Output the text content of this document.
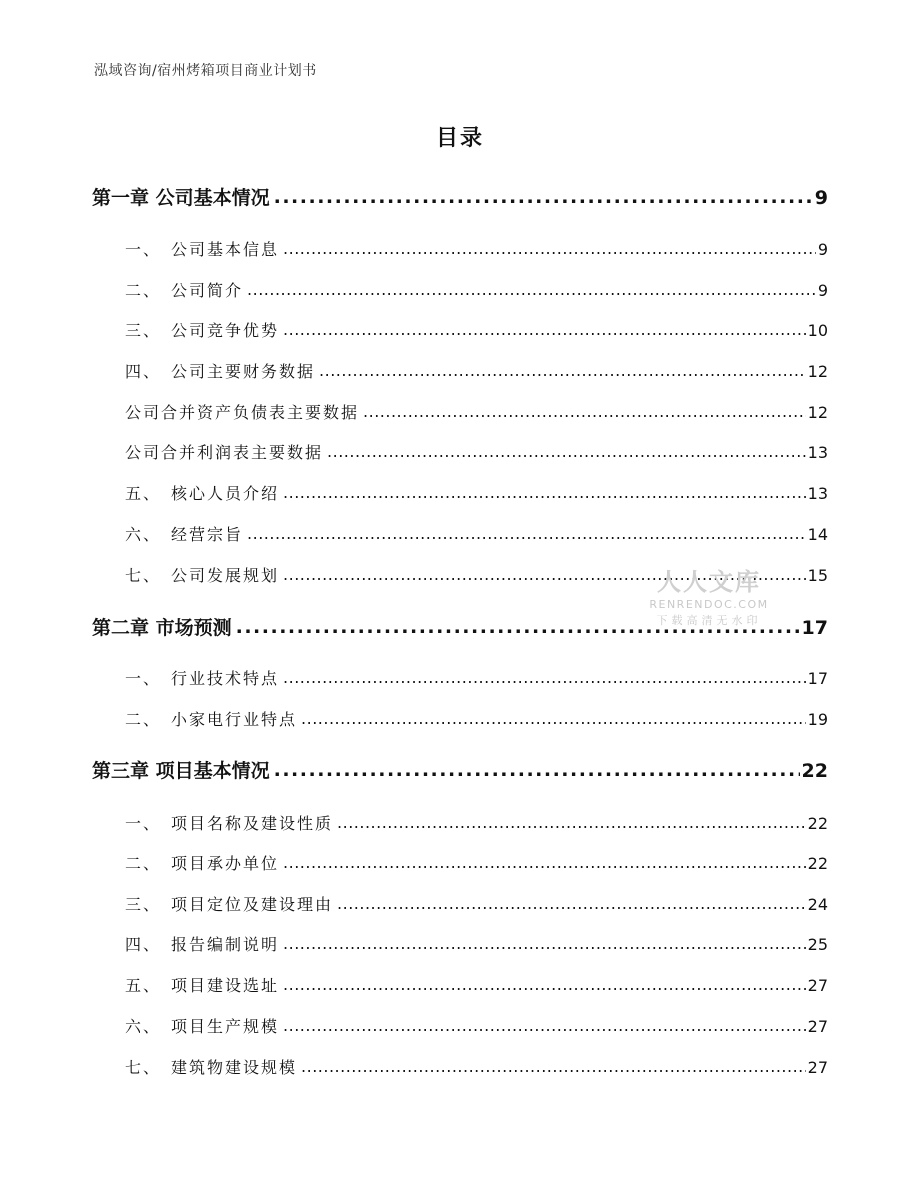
泓域咨询/宿州烤箱项目商业计划书
目录
第一章 公司基本情况 .....	9
一、 公司基本信息 .....	9
二、 公司简介 .....	9
三、 公司竞争优势 .....	10
四、 公司主要财务数据 .....	12
公司合并资产负债表主要数据 .....	12
公司合并利润表主要数据 .....	13
五、 核心人员介绍 .....	13
六、 经营宗旨 .....	14
七、 公司发展规划 .....	15
第二章 市场预测 .....	17
一、 行业技术特点 .....	17
二、 小家电行业特点 .....	19
第三章 项目基本情况 .....	22
一、 项目名称及建设性质 .....	22
二、 项目承办单位 .....	22
三、 项目定位及建设理由 .....	24
四、 报告编制说明 .....	25
五、 项目建设选址 .....	27
六、 项目生产规模 .....	27
七、 建筑物建设规模 .....	27
人人文库
RENRENDOC.COM
下载高清无水印
